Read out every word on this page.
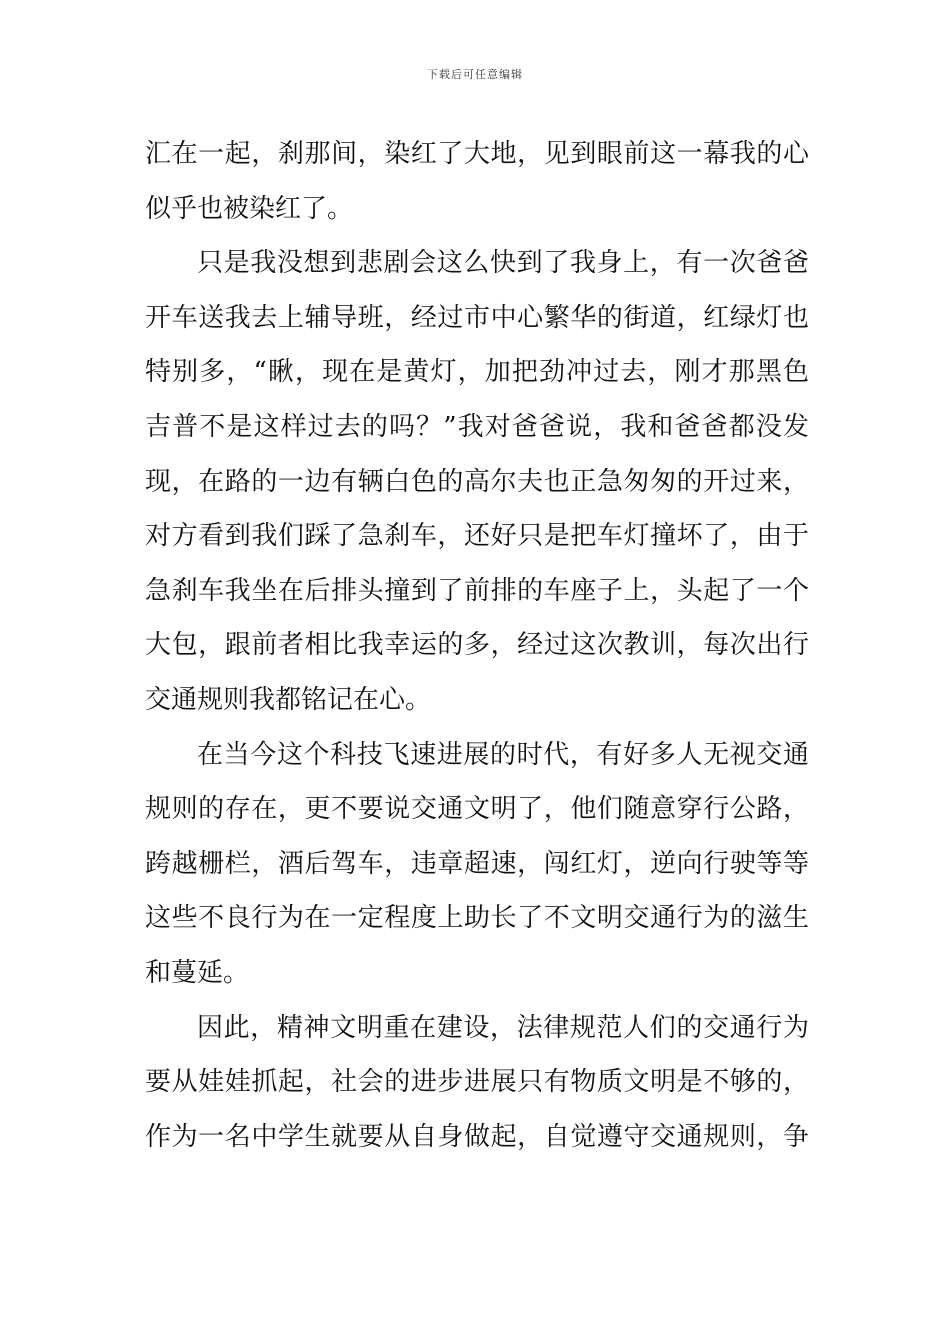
下载后可任意编辑

汇在一起，刹那间，染红了大地，见到眼前这一幕我的心
似乎也被染红了。

只是我没想到悲剧会这么快到了我身上，有一次爸爸
开车送我去上辅导班，经过市中心繁华的街道，红绿灯也
特别多，“瞅，现在是黄灯，加把劲冲过去，刚才那黑色
吉普不是这样过去的吗？”我对爸爸说，我和爸爸都没发
现，在路的一边有辆白色的高尔夫也正急匆匆的开过来，
对方看到我们踩了急刹车，还好只是把车灯撞坏了，由于
急刹车我坐在后排头撞到了前排的车座子上，头起了一个
大包，跟前者相比我幸运的多，经过这次教训，每次出行
交通规则我都铭记在心。

在当今这个科技飞速进展的时代，有好多人无视交通
规则的存在，更不要说交通文明了，他们随意穿行公路，
跨越栅栏，酒后驾车，违章超速，闯红灯，逆向行驶等等
这些不良行为在一定程度上助长了不文明交通行为的滋生
和蔓延。

因此，精神文明重在建设，法律规范人们的交通行为
要从娃娃抓起，社会的进步进展只有物质文明是不够的，
作为一名中学生就要从自身做起，自觉遵守交通规则，争
